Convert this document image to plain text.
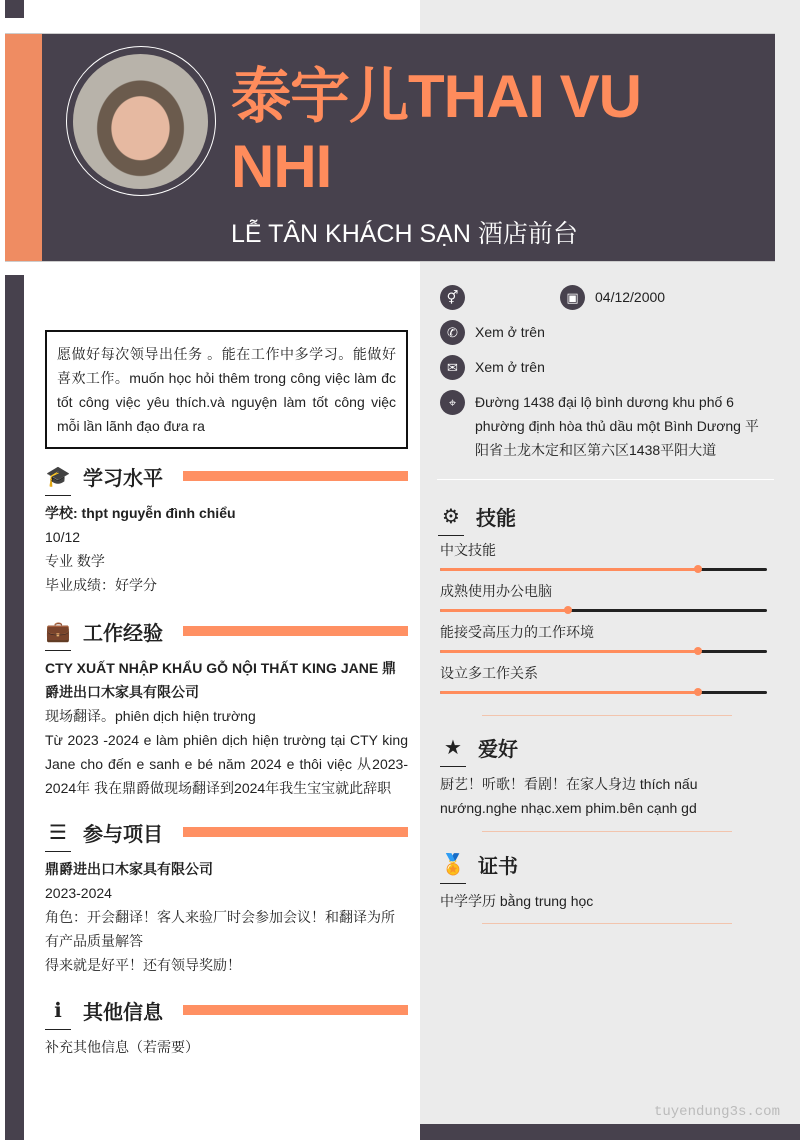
泰宇儿THAI VU NHI
LỄ TÂN KHÁCH SẠN 酒店前台
愿做好每次领导出任务 。能在工作中多学习。能做好喜欢工作。muốn học hỏi thêm trong công việc làm đc tốt công việc yêu thích.và nguyện làm tốt công việc mỗi lần lãnh đạo đưa ra
🎓 学习水平
学校: thpt nguyễn đình chiểu
10/12
专业 数学
毕业成绩：好学分
💼 工作经验
CTY XUẤT NHẬP KHẨU GỖ NỘI THẤT KING JANE 鼎爵进出口木家具有限公司
现场翻译。phiên dịch hiện trường
Từ 2023 -2024 e làm phiên dịch hiện trường tại CTY king Jane cho đến e sanh e bé năm 2024 e thôi việc 从2023-2024年 我在鼎爵做现场翻译到2024年我生宝宝就此辞职
☰ 参与项目
鼎爵进出口木家具有限公司
2023-2024
角色：开会翻译！客人来验厂时会参加会议！和翻译为所有产品质量解答
得来就是好平！还有领导奖励！
ℹ	其他信息
补充其他信息（若需要）
⚥	▣	04/12/2000
✆	Xem ở trên
✉	Xem ở trên
⌖	Đường 1438 đại lộ bình dương khu phố 6 phường định hòa thủ dầu một Bình Dương 平阳省土龙木定和区第六区1438平阳大道
⚙ 技能
中文技能
成熟使用办公电脑
能接受高压力的工作环境
设立多工作关系
★ 爱好
厨艺！听歌！看剧！在家人身边 thích nấu nướng.nghe nhạc.xem phim.bên cạnh gd
🏅 证书
中学学历 bằng trung học
tuyendung3s.com
